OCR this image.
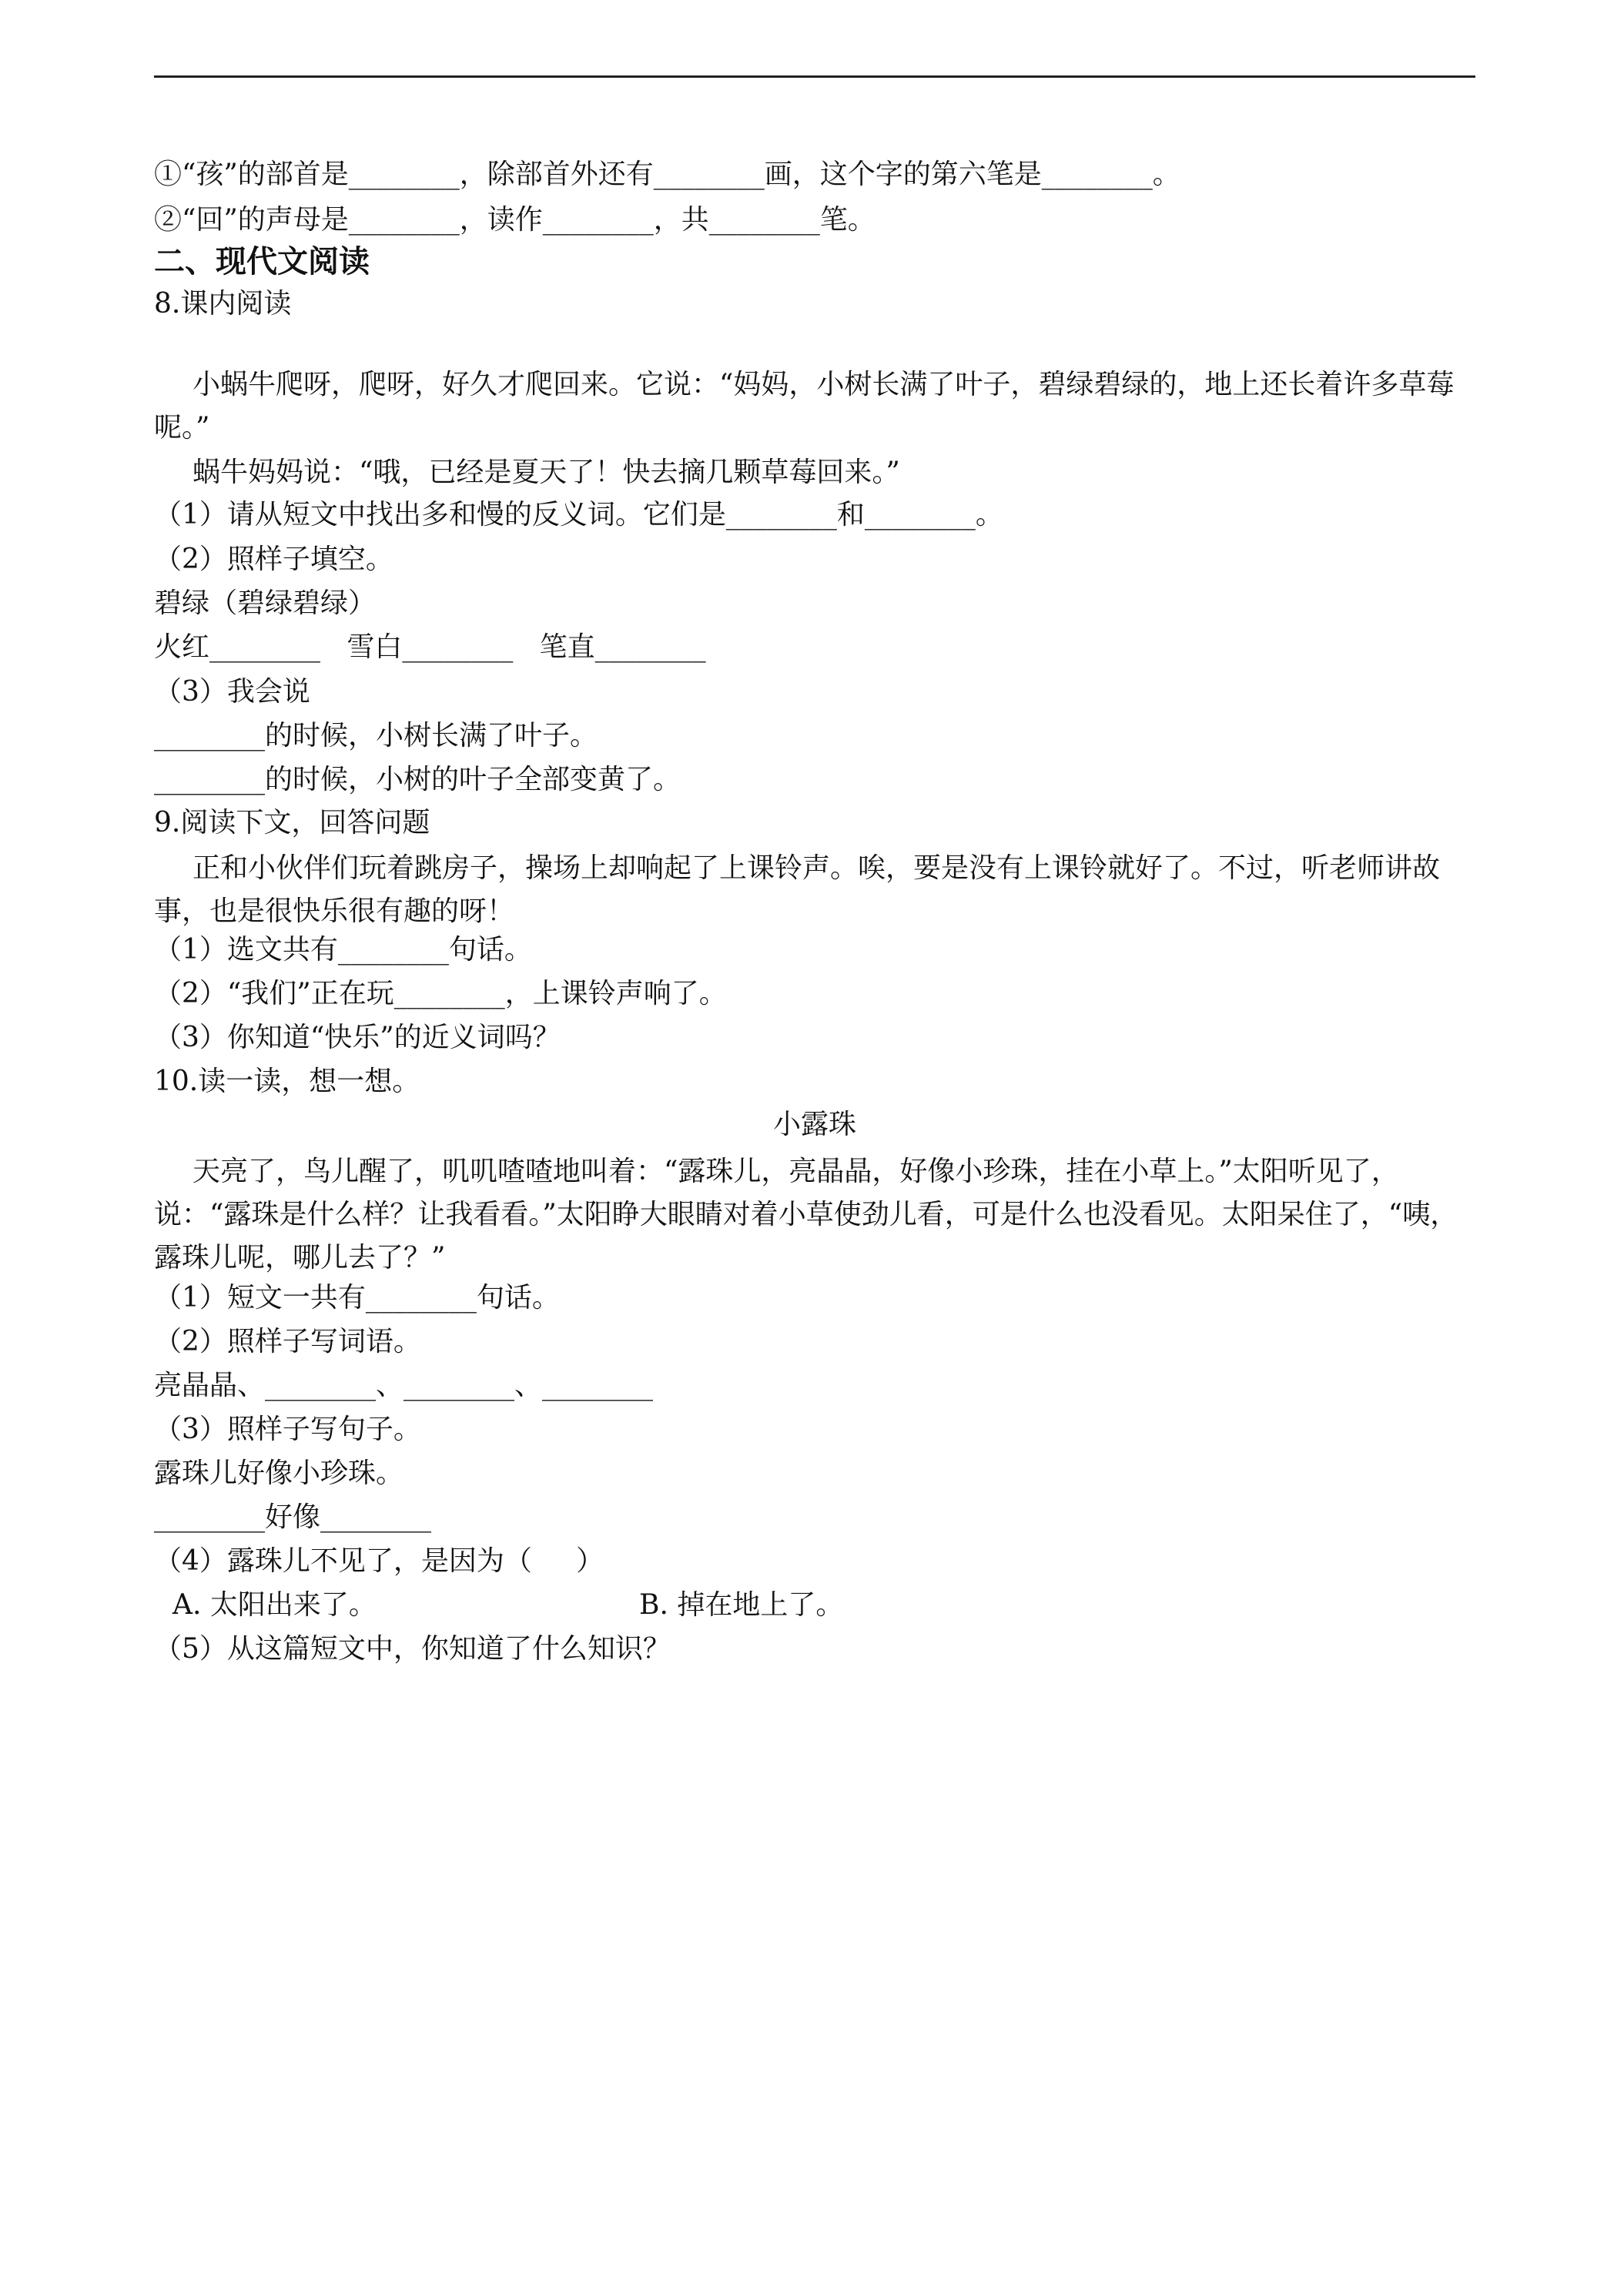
①“孩”的部首是________，除部首外还有________画，这个字的第六笔是________。
②“回”的声母是________，读作________，共________笔。
二、现代文阅读
8.课内阅读
小蜗牛爬呀，爬呀，好久才爬回来。它说：“妈妈，小树长满了叶子，碧绿碧绿的，地上还长着许多草莓呢。”
蜗牛妈妈说：“哦，已经是夏天了！快去摘几颗草莓回来。”
（1）请从短文中找出多和慢的反义词。它们是________和________。
（2）照样子填空。
碧绿（碧绿碧绿）
火红________   雪白________   笔直________
（3）我会说
________的时候，小树长满了叶子。
________的时候，小树的叶子全部变黄了。
9.阅读下文，回答问题
正和小伙伴们玩着跳房子，操场上却响起了上课铃声。唉，要是没有上课铃就好了。不过，听老师讲故事，也是很快乐很有趣的呀！
（1）选文共有________句话。
（2）“我们”正在玩________，上课铃声响了。
（3）你知道“快乐”的近义词吗？
10.读一读，想一想。
小露珠
天亮了，鸟儿醒了，叽叽喳喳地叫着：“露珠儿，亮晶晶，好像小珍珠，挂在小草上。”太阳听见了，说：“露珠是什么样？让我看看。”太阳睁大眼睛对着小草使劲儿看，可是什么也没看见。太阳呆住了，“咦，露珠儿呢，哪儿去了？”
（1）短文一共有________句话。
（2）照样子写词语。
亮晶晶、________、________、________
（3）照样子写句子。
露珠儿好像小珍珠。
________好像________
（4）露珠儿不见了，是因为（     ）
A. 太阳出来了。	B. 掉在地上了。
（5）从这篇短文中，你知道了什么知识？
